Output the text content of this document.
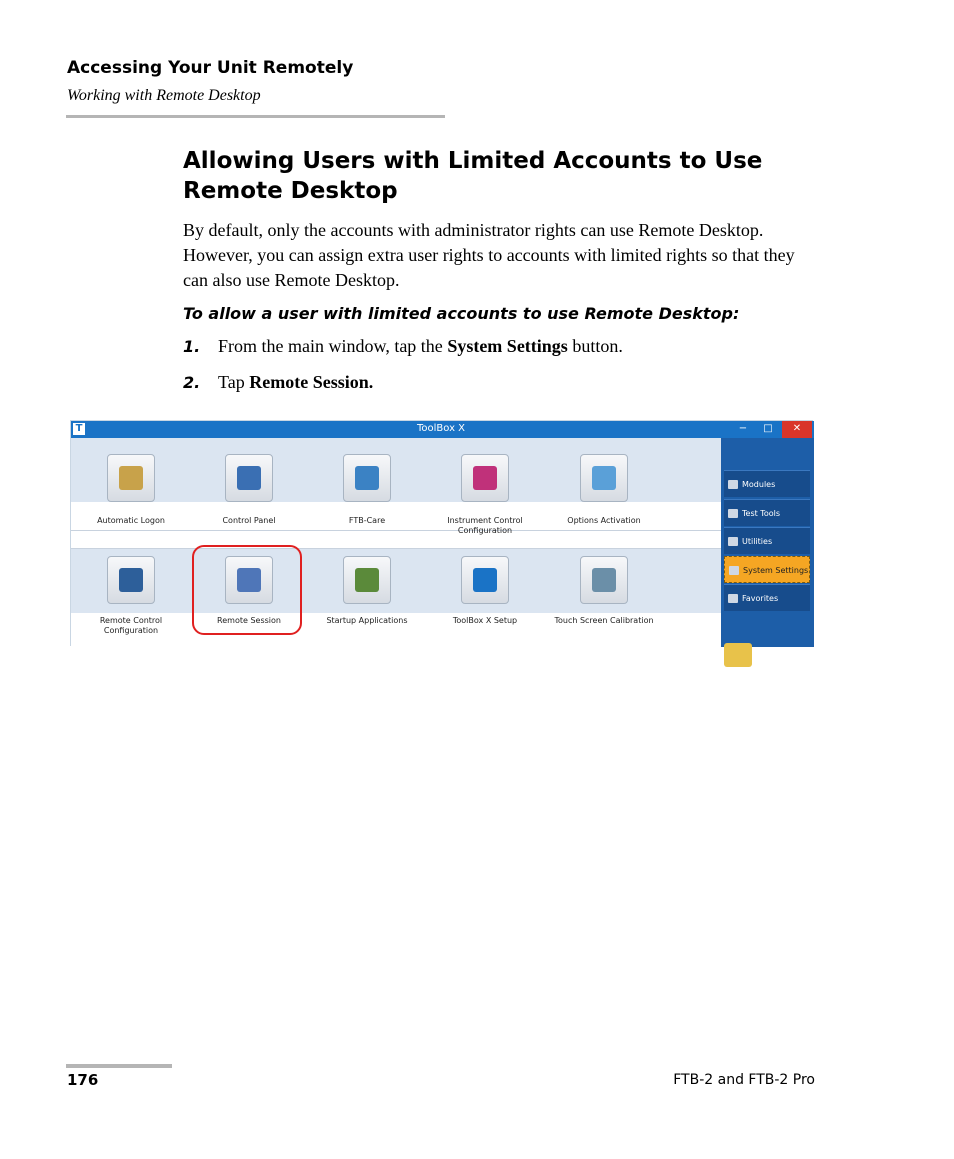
Accessing Your Unit Remotely
Working with Remote Desktop
Allowing Users with Limited Accounts to Use Remote Desktop
By default, only the accounts with administrator rights can use Remote Desktop. However, you can assign extra user rights to accounts with limited rights so that they can also use Remote Desktop.
To allow a user with limited accounts to use Remote Desktop:
1. From the main window, tap the System Settings button.
2. Tap Remote Session.
T	ToolBox X	−	□	✕
Automatic Logon	Control Panel	FTB-Care	Instrument Control Configuration
Options Activation
Remote Control Configuration
Remote Session	Startup Applications	ToolBox X Setup	Touch Screen Calibration
Modules
Test Tools
Utilities
System Settings
Favorites
Power Meter - VFL
176	FTB-2 and FTB-2 Pro
